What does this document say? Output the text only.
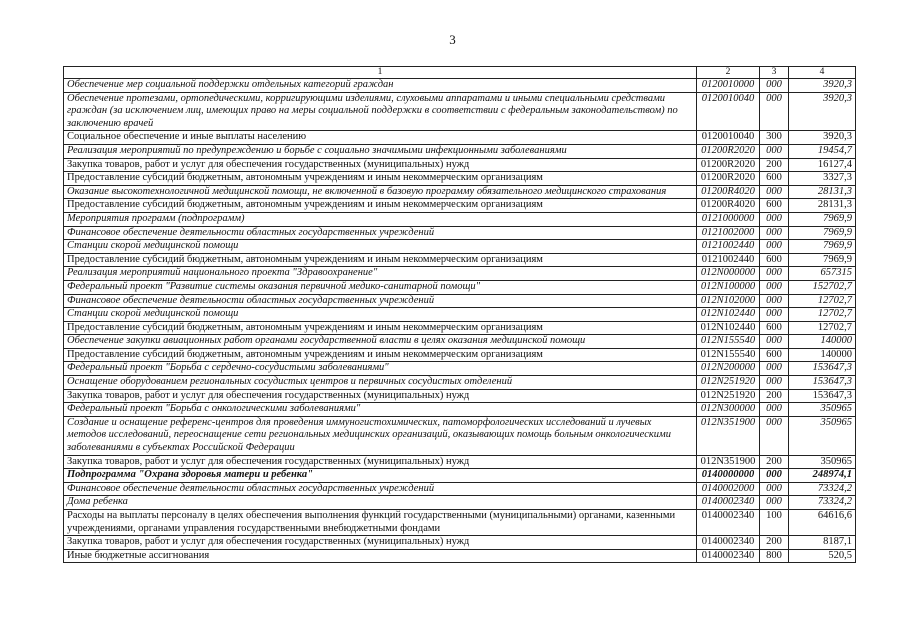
3
1	2	3	4
Обеспечение мер социальной поддержки отдельных категорий граждан	0120010000	000	3920,3
Обеспечение протезами, ортопедическими, корригирующими изделиями, слуховыми аппаратами и иными специальными средствами граждан (за исключением лиц, имеющих право на меры социальной поддержки в соответствии с федеральным законодательством) по заключению врачей	0120010040	000	3920,3
Социальное обеспечение и иные выплаты населению	0120010040	300	3920,3
Реализация мероприятий по предупреждению и борьбе с социально значимыми инфекционными заболеваниями	01200R2020	000	19454,7
Закупка товаров, работ и услуг для обеспечения государственных (муниципальных) нужд	01200R2020	200	16127,4
Предоставление субсидий бюджетным, автономным учреждениям и иным некоммерческим организациям	01200R2020	600	3327,3
Оказание высокотехнологичной медицинской помощи, не включенной в базовую программу обязательного медицинского страхования	01200R4020	000	28131,3
Предоставление субсидий бюджетным, автономным учреждениям и иным некоммерческим организациям	01200R4020	600	28131,3
Мероприятия программ (подпрограмм)	0121000000	000	7969,9
Финансовое обеспечение деятельности областных государственных учреждений	0121002000	000	7969,9
Станции скорой медицинской помощи	0121002440	000	7969,9
Предоставление субсидий бюджетным, автономным учреждениям и иным некоммерческим организациям	0121002440	600	7969,9
Реализация мероприятий национального проекта "Здравоохранение"	012N000000	000	657315
Федеральный проект "Развитие системы оказания первичной медико-санитарной помощи"	012N100000	000	152702,7
Финансовое обеспечение деятельности областных государственных учреждений	012N102000	000	12702,7
Станции скорой медицинской помощи	012N102440	000	12702,7
Предоставление субсидий бюджетным, автономным учреждениям и иным некоммерческим организациям	012N102440	600	12702,7
Обеспечение закупки авиационных работ органами государственной власти в целях оказания медицинской помощи	012N155540	000	140000
Предоставление субсидий бюджетным, автономным учреждениям и иным некоммерческим организациям	012N155540	600	140000
Федеральный проект "Борьба с сердечно-сосудистыми заболеваниями"	012N200000	000	153647,3
Оснащение оборудованием региональных сосудистых центров и первичных сосудистых отделений	012N251920	000	153647,3
Закупка товаров, работ и услуг для обеспечения государственных (муниципальных) нужд	012N251920	200	153647,3
Федеральный проект "Борьба с онкологическими заболеваниями"	012N300000	000	350965
Создание и оснащение референс-центров для проведения иммуногистохимических, патоморфологических исследований и лучевых методов исследований, переоснащение сети региональных медицинских организаций, оказывающих помощь больным онкологическими заболеваниями в субъектах Российской Федерации	012N351900	000	350965
Закупка товаров, работ и услуг для обеспечения государственных (муниципальных) нужд	012N351900	200	350965
Подпрограмма "Охрана здоровья матери и ребенка"	0140000000	000	248974,1
Финансовое обеспечение деятельности областных государственных учреждений	0140002000	000	73324,2
Дома ребенка	0140002340	000	73324,2
Расходы на выплаты персоналу в целях обеспечения выполнения функций государственными (муниципальными) органами, казенными учреждениями, органами управления государственными внебюджетными фондами	0140002340	100	64616,6
Закупка товаров, работ и услуг для обеспечения государственных (муниципальных) нужд	0140002340	200	8187,1
Иные бюджетные ассигнования	0140002340	800	520,5
